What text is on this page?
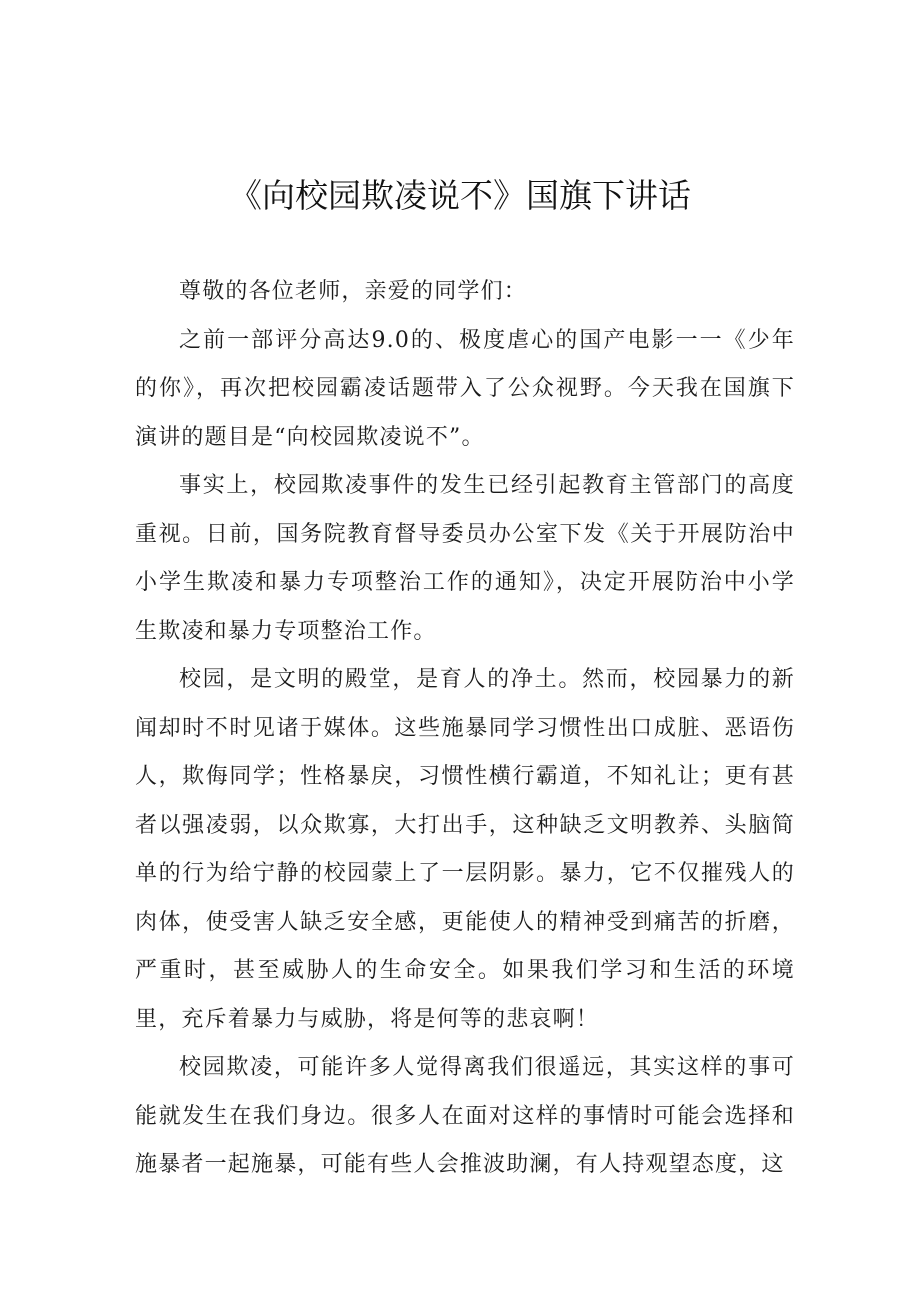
《向校园欺凌说不》国旗下讲话

尊敬的各位老师，亲爱的同学们：

之前一部评分高达9.0的、极度虐心的国产电影一一《少年的你》，再次把校园霸凌话题带入了公众视野。今天我在国旗下演讲的题目是“向校园欺凌说不”。

事实上，校园欺凌事件的发生已经引起教育主管部门的高度重视。日前，国务院教育督导委员办公室下发《关于开展防治中小学生欺凌和暴力专项整治工作的通知》，决定开展防治中小学生欺凌和暴力专项整治工作。

校园，是文明的殿堂，是育人的净土。然而，校园暴力的新闻却时不时见诸于媒体。这些施暴同学习惯性出口成脏、恶语伤人，欺侮同学；性格暴戾，习惯性横行霸道，不知礼让；更有甚者以强凌弱，以众欺寡，大打出手，这种缺乏文明教养、头脑简单的行为给宁静的校园蒙上了一层阴影。暴力，它不仅摧残人的肉体，使受害人缺乏安全感，更能使人的精神受到痛苦的折磨，严重时，甚至威胁人的生命安全。如果我们学习和生活的环境里，充斥着暴力与威胁，将是何等的悲哀啊！

校园欺凌，可能许多人觉得离我们很遥远，其实这样的事可能就发生在我们身边。很多人在面对这样的事情时可能会选择和施暴者一起施暴，可能有些人会推波助澜，有人持观望态度，这
